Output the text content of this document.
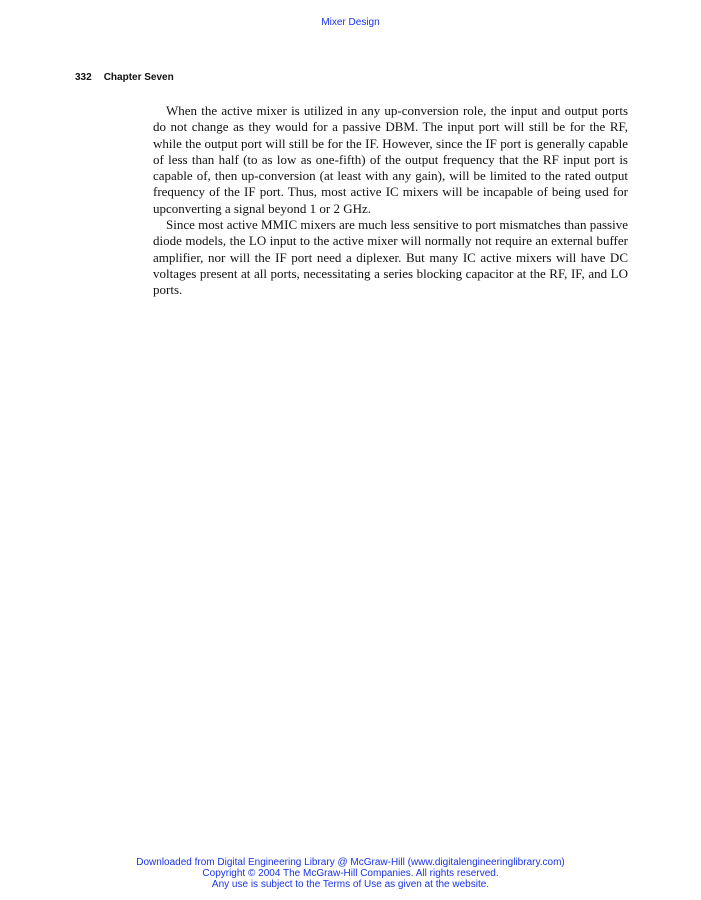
Mixer Design
332 Chapter Seven

When the active mixer is utilized in any up-conversion role, the input and output ports do not change as they would for a passive DBM. The input port will still be for the RF, while the output port will still be for the IF. However, since the IF port is generally capable of less than half (to as low as one-fifth) of the output frequency that the RF input port is capable of, then up-conversion (at least with any gain), will be limited to the rated output frequency of the IF port. Thus, most active IC mixers will be incapable of being used for upconverting a signal beyond 1 or 2 GHz.

Since most active MMIC mixers are much less sensitive to port mismatches than passive diode models, the LO input to the active mixer will normally not require an external buffer amplifier, nor will the IF port need a diplexer. But many IC active mixers will have DC voltages present at all ports, necessitating a series blocking capacitor at the RF, IF, and LO ports.

Downloaded from Digital Engineering Library @ McGraw-Hill (www.digitalengineeringlibrary.com)
Copyright © 2004 The McGraw-Hill Companies. All rights reserved.
Any use is subject to the Terms of Use as given at the website.
